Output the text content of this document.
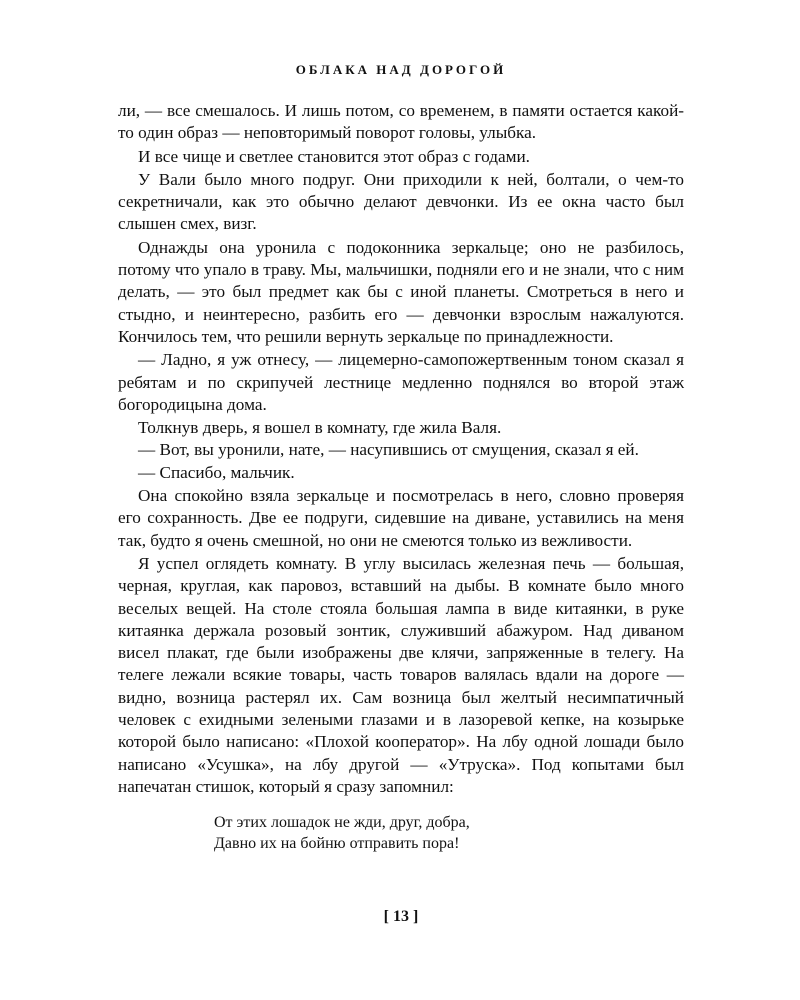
ОБЛАКА НАД ДОРОГОЙ

ли, — все смешалось. И лишь потом, со временем, в памяти остается какой-то один образ — неповторимый поворот головы, улыбка.

И все чище и светлее становится этот образ с годами.

У Вали было много подруг. Они приходили к ней, болтали, о чем-то секретничали, как это обычно делают девчонки. Из ее окна часто был слышен смех, визг.

Однажды она уронила с подоконника зеркальце; оно не разбилось, потому что упало в траву. Мы, мальчишки, подняли его и не знали, что с ним делать, — это был предмет как бы с иной планеты. Смотреться в него и стыдно, и неинтересно, разбить его — девчонки взрослым нажалуются. Кончилось тем, что решили вернуть зеркальце по принадлежности.

— Ладно, я уж отнесу, — лицемерно-самопожертвенным тоном сказал я ребятам и по скрипучей лестнице медленно поднялся во второй этаж богородицына дома.

Толкнув дверь, я вошел в комнату, где жила Валя.

— Вот, вы уронили, нате, — насупившись от смущения, сказал я ей.

— Спасибо, мальчик.

Она спокойно взяла зеркальце и посмотрелась в него, словно проверяя его сохранность. Две ее подруги, сидевшие на диване, уставились на меня так, будто я очень смешной, но они не смеются только из вежливости.

Я успел оглядеть комнату. В углу высилась железная печь — большая, черная, круглая, как паровоз, вставший на дыбы. В комнате было много веселых вещей. На столе стояла большая лампа в виде китаянки, в руке китаянка держала розовый зонтик, служивший абажуром. Над диваном висел плакат, где были изображены две клячи, запряженные в телегу. На телеге лежали всякие товары, часть товаров валялась вдали на дороге — видно, возница растерял их. Сам возница был желтый несимпатичный человек с ехидными зелеными глазами и в лазоревой кепке, на козырьке которой было написано: «Плохой кооператор». На лбу одной лошади было написано «Усушка», на лбу другой — «Утруска». Под копытами был напечатан стишок, который я сразу запомнил:

От этих лошадок не жди, друг, добра,
Давно их на бойню отправить пора!
[ 13 ]
